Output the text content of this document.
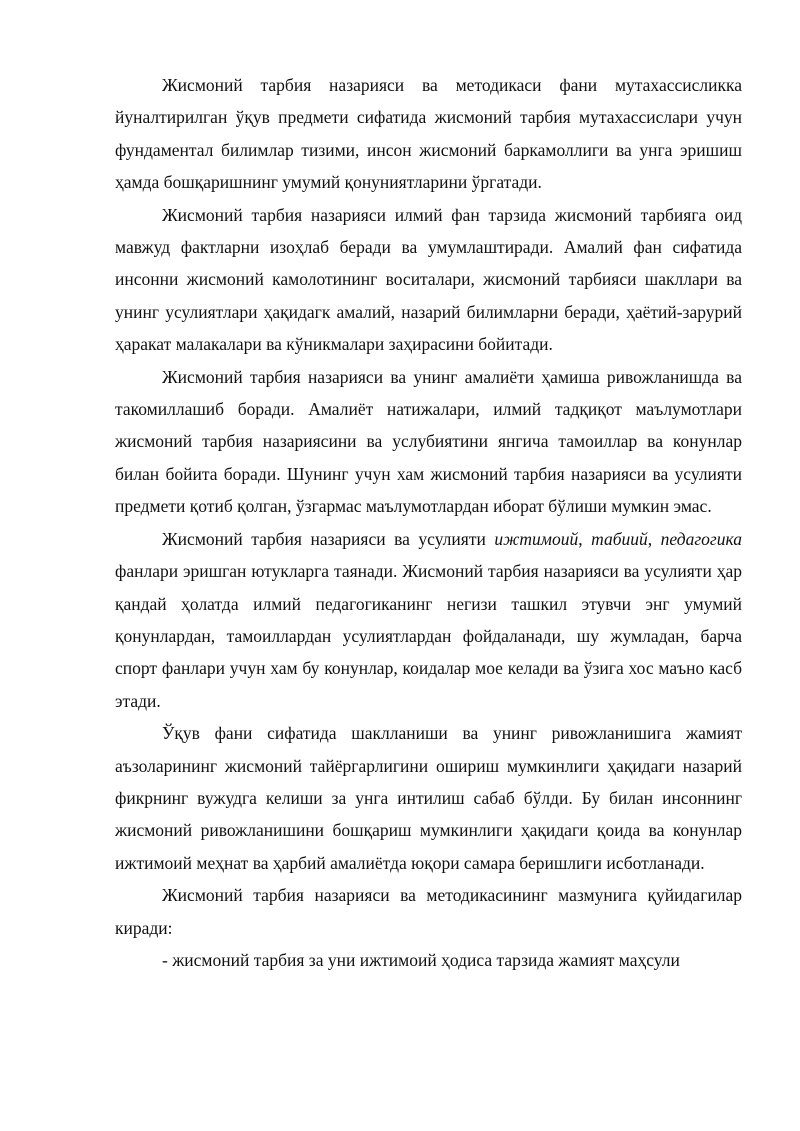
Жисмоний тарбия назарияси ва методикаси фани мутахассисликка йуналтирилган ўқув предмети сифатида жисмоний тарбия мутахассислари учун фундаментал билимлар тизими, инсон жисмоний баркамоллиги ва унга эришиш ҳамда бошқаришнинг умумий қонуниятларини ўргатади.

Жисмоний тарбия назарияси илмий фан тарзида жисмоний тарбияга оид мавжуд фактларни изоҳлаб беради ва умумлаштиради. Амалий фан сифатида инсонни жисмоний камолотининг воситалари, жисмоний тарбияси шакллари ва унинг усулиятлари ҳақидагк амалий, назарий билимларни беради, ҳаётий-зарурий ҳаракат малакалари ва кўникмалари заҳирасини бойитади.

Жисмоний тарбия назарияси ва унинг амалиёти ҳамиша ривожланишда ва такомиллашиб боради. Амалиёт натижалари, илмий тадқиқот маълумотлари жисмоний тарбия назариясини ва услубиятини янгича тамоиллар ва конунлар билан бойита боради. Шунинг учун хам жисмоний тарбия назарияси ва усулияти предмети қотиб қолган, ўзгармас маълумотлардан иборат бўлиши мумкин эмас.

Жисмоний тарбия назарияси ва усулияти ижтимоий, табиий, педагогика фанлари эришган ютукларга таянади. Жисмоний тарбия назарияси ва усулияти ҳар қандай ҳолатда илмий педагогиканинг негизи ташкил этувчи энг умумий қонунлардан, тамоиллардан усулиятлардан фойдаланади, шу жумладан, барча спорт фанлари учун хам бу конунлар, коидалар мое келади ва ўзига хос маъно касб этади.

Ўқув фани сифатида шаклланиши ва унинг ривожланишига жамият аъзоларининг жисмоний тайёргарлигини ошириш мумкинлиги ҳақидаги назарий фикрнинг вужудга келиши за унга интилиш сабаб бўлди. Бу билан инсоннинг жисмоний ривожланишини бошқариш мумкинлиги ҳақидаги қоида ва конунлар ижтимоий меҳнат ва ҳарбий амалиётда юқори самара беришлиги исботланади.

Жисмоний тарбия назарияси ва методикасининг мазмунига қуйидагилар киради:

- жисмоний тарбия за уни ижтимоий ҳодиса тарзида жамият маҳсули
